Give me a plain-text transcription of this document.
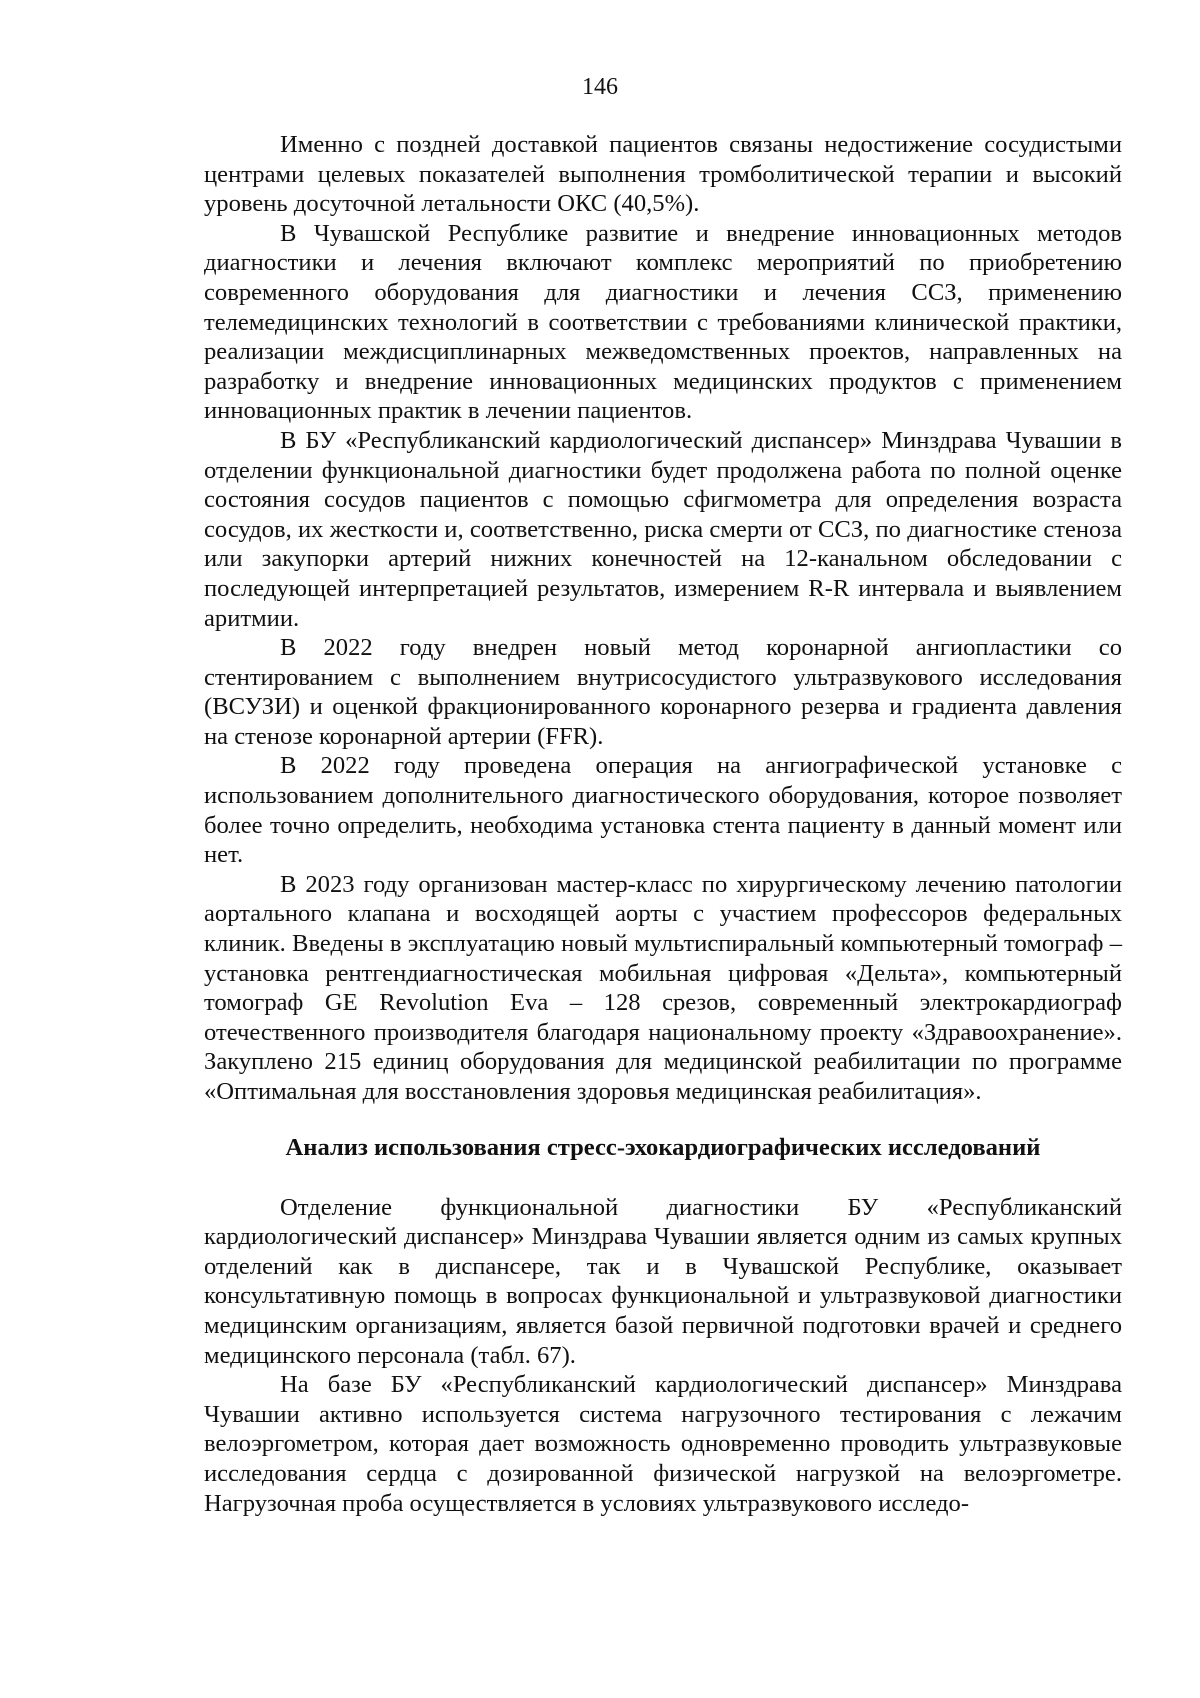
146

Именно с поздней доставкой пациентов связаны недостижение сосудистыми центрами целевых показателей выполнения тромболитической терапии и высокий уровень досуточной летальности ОКС (40,5%).

В Чувашской Республике развитие и внедрение инновационных методов диагностики и лечения включают комплекс мероприятий по приобретению современного оборудования для диагностики и лечения ССЗ, применению телемедицинских технологий в соответствии с требованиями клинической практики, реализации междисциплинарных межведомственных проектов, направленных на разработку и внедрение инновационных медицинских продуктов с применением инновационных практик в лечении пациентов.

В БУ «Республиканский кардиологический диспансер» Минздрава Чувашии в отделении функциональной диагностики будет продолжена работа по полной оценке состояния сосудов пациентов с помощью сфигмометра для определения возраста сосудов, их жесткости и, соответственно, риска смерти от ССЗ, по диагностике стеноза или закупорки артерий нижних конечностей на 12-канальном обследовании с последующей интерпретацией результатов, измерением R-R интервала и выявлением аритмии.

В 2022 году внедрен новый метод коронарной ангиопластики со стентированием с выполнением внутрисосудистого ультразвукового исследования (ВСУЗИ) и оценкой фракционированного коронарного резерва и градиента давления на стенозе коронарной артерии (FFR).

В 2022 году проведена операция на ангиографической установке с использованием дополнительного диагностического оборудования, которое позволяет более точно определить, необходима установка стента пациенту в данный момент или нет.

В 2023 году организован мастер-класс по хирургическому лечению патологии аортального клапана и восходящей аорты с участием профессоров федеральных клиник. Введены в эксплуатацию новый мультиспиральный компьютерный томограф – установка рентгендиагностическая мобильная цифровая «Дельта», компьютерный томограф GE Revolution Eva – 128 срезов, современный электрокардиограф отечественного производителя благодаря национальному проекту «Здравоохранение». Закуплено 215 единиц оборудования для медицинской реабилитации по программе «Оптимальная для восстановления здоровья медицинская реабилитация».

Анализ использования стресс-эхокардиографических исследований

Отделение функциональной диагностики БУ «Республиканский кардиологический диспансер» Минздрава Чувашии является одним из самых крупных отделений как в диспансере, так и в Чувашской Республике, оказывает консультативную помощь в вопросах функциональной и ультразвуковой диагностики медицинским организациям, является базой первичной подготовки врачей и среднего медицинского персонала (табл. 67).

На базе БУ «Республиканский кардиологический диспансер» Минздрава Чувашии активно используется система нагрузочного тестирования с лежачим велоэргометром, которая дает возможность одновременно проводить ультразвуковые исследования сердца с дозированной физической нагрузкой на велоэргометре. Нагрузочная проба осуществляется в условиях ультразвукового исследо-
